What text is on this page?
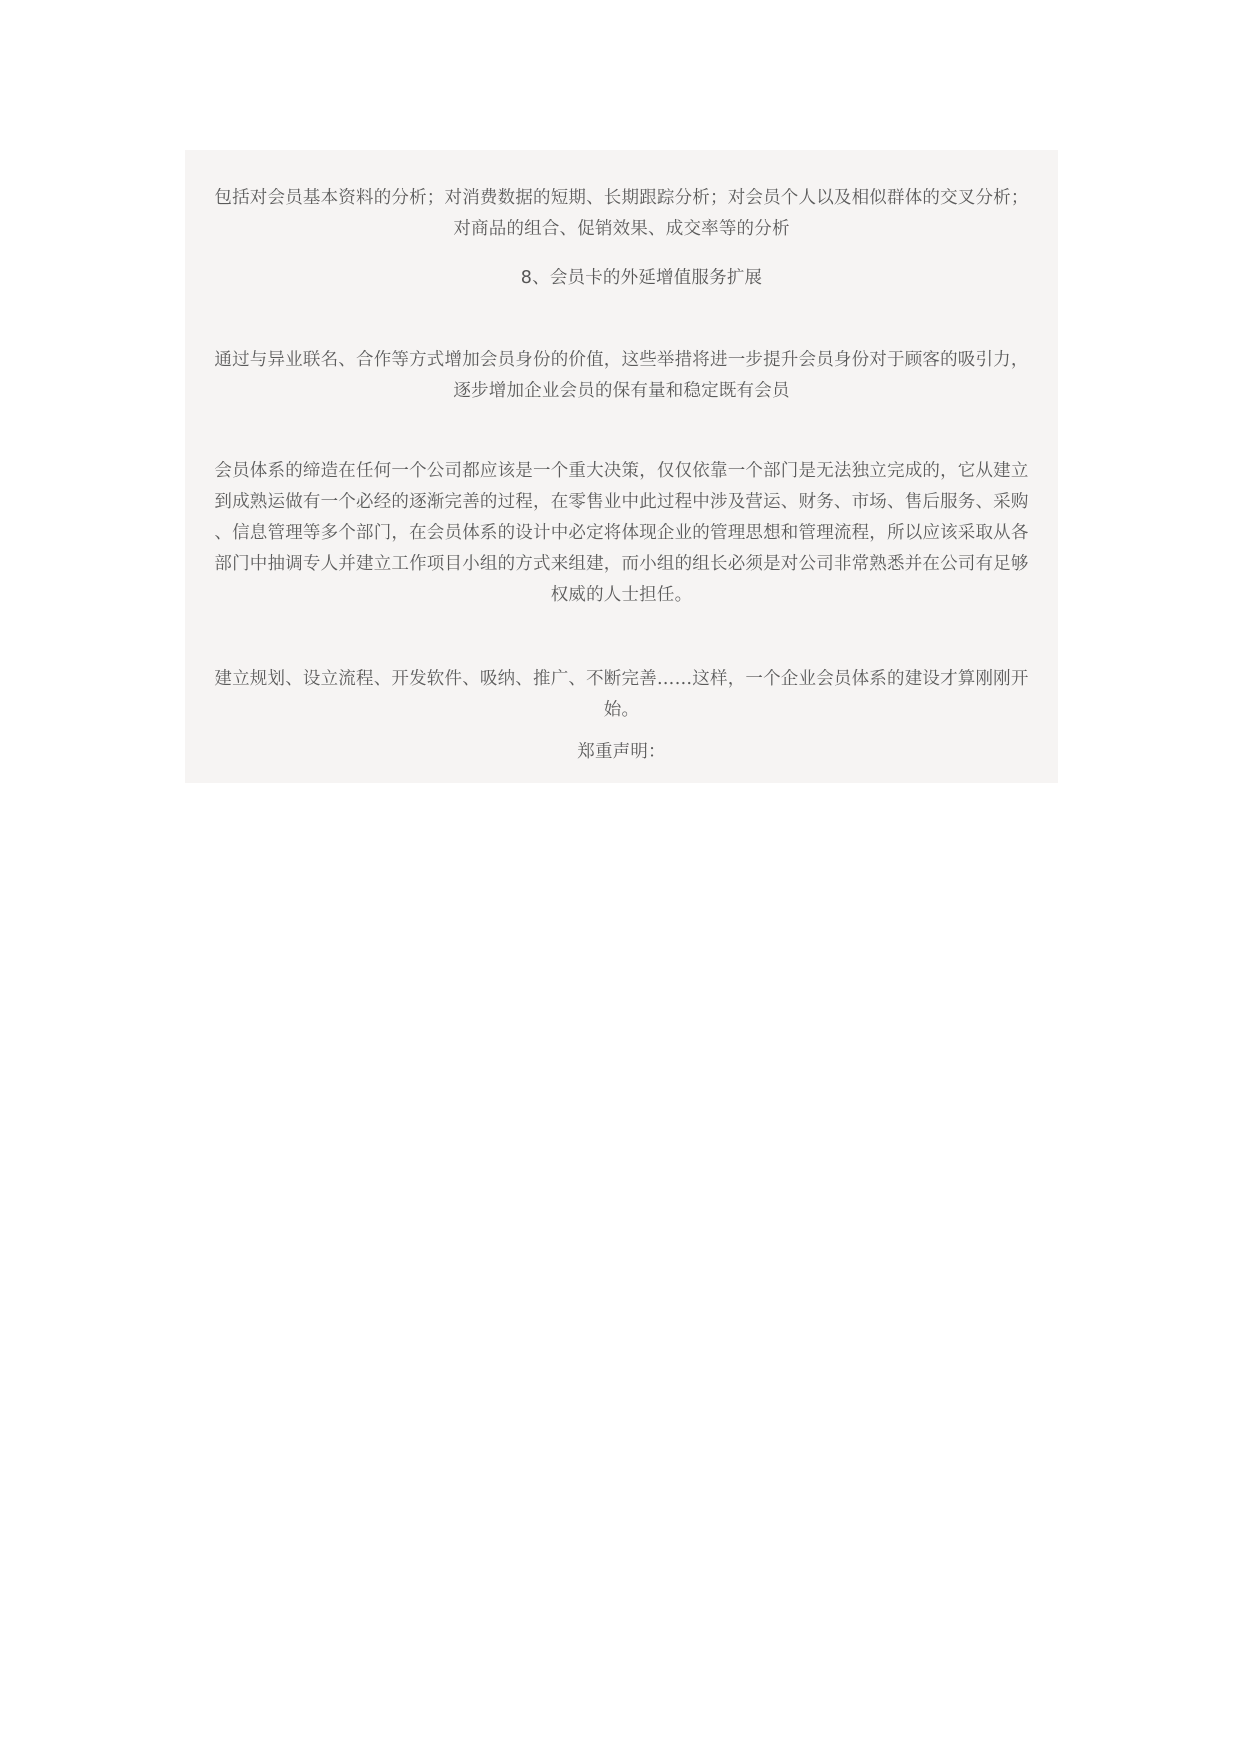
包括对会员基本资料的分析；对消费数据的短期、长期跟踪分析；对会员个人以及相似群体的交叉分析；
对商品的组合、促销效果、成交率等的分析

8、会员卡的外延增值服务扩展

通过与异业联名、合作等方式增加会员身份的价值，这些举措将进一步提升会员身份对于顾客的吸引力，
逐步增加企业会员的保有量和稳定既有会员

会员体系的缔造在任何一个公司都应该是一个重大决策，仅仅依靠一个部门是无法独立完成的，它从建立
到成熟运做有一个必经的逐渐完善的过程，在零售业中此过程中涉及营运、财务、市场、售后服务、采购
、信息管理等多个部门，在会员体系的设计中必定将体现企业的管理思想和管理流程，所以应该采取从各
部门中抽调专人并建立工作项目小组的方式来组建，而小组的组长必须是对公司非常熟悉并在公司有足够
权威的人士担任。

建立规划、设立流程、开发软件、吸纳、推广、不断完善……这样，一个企业会员体系的建设才算刚刚开
始。

郑重声明：
